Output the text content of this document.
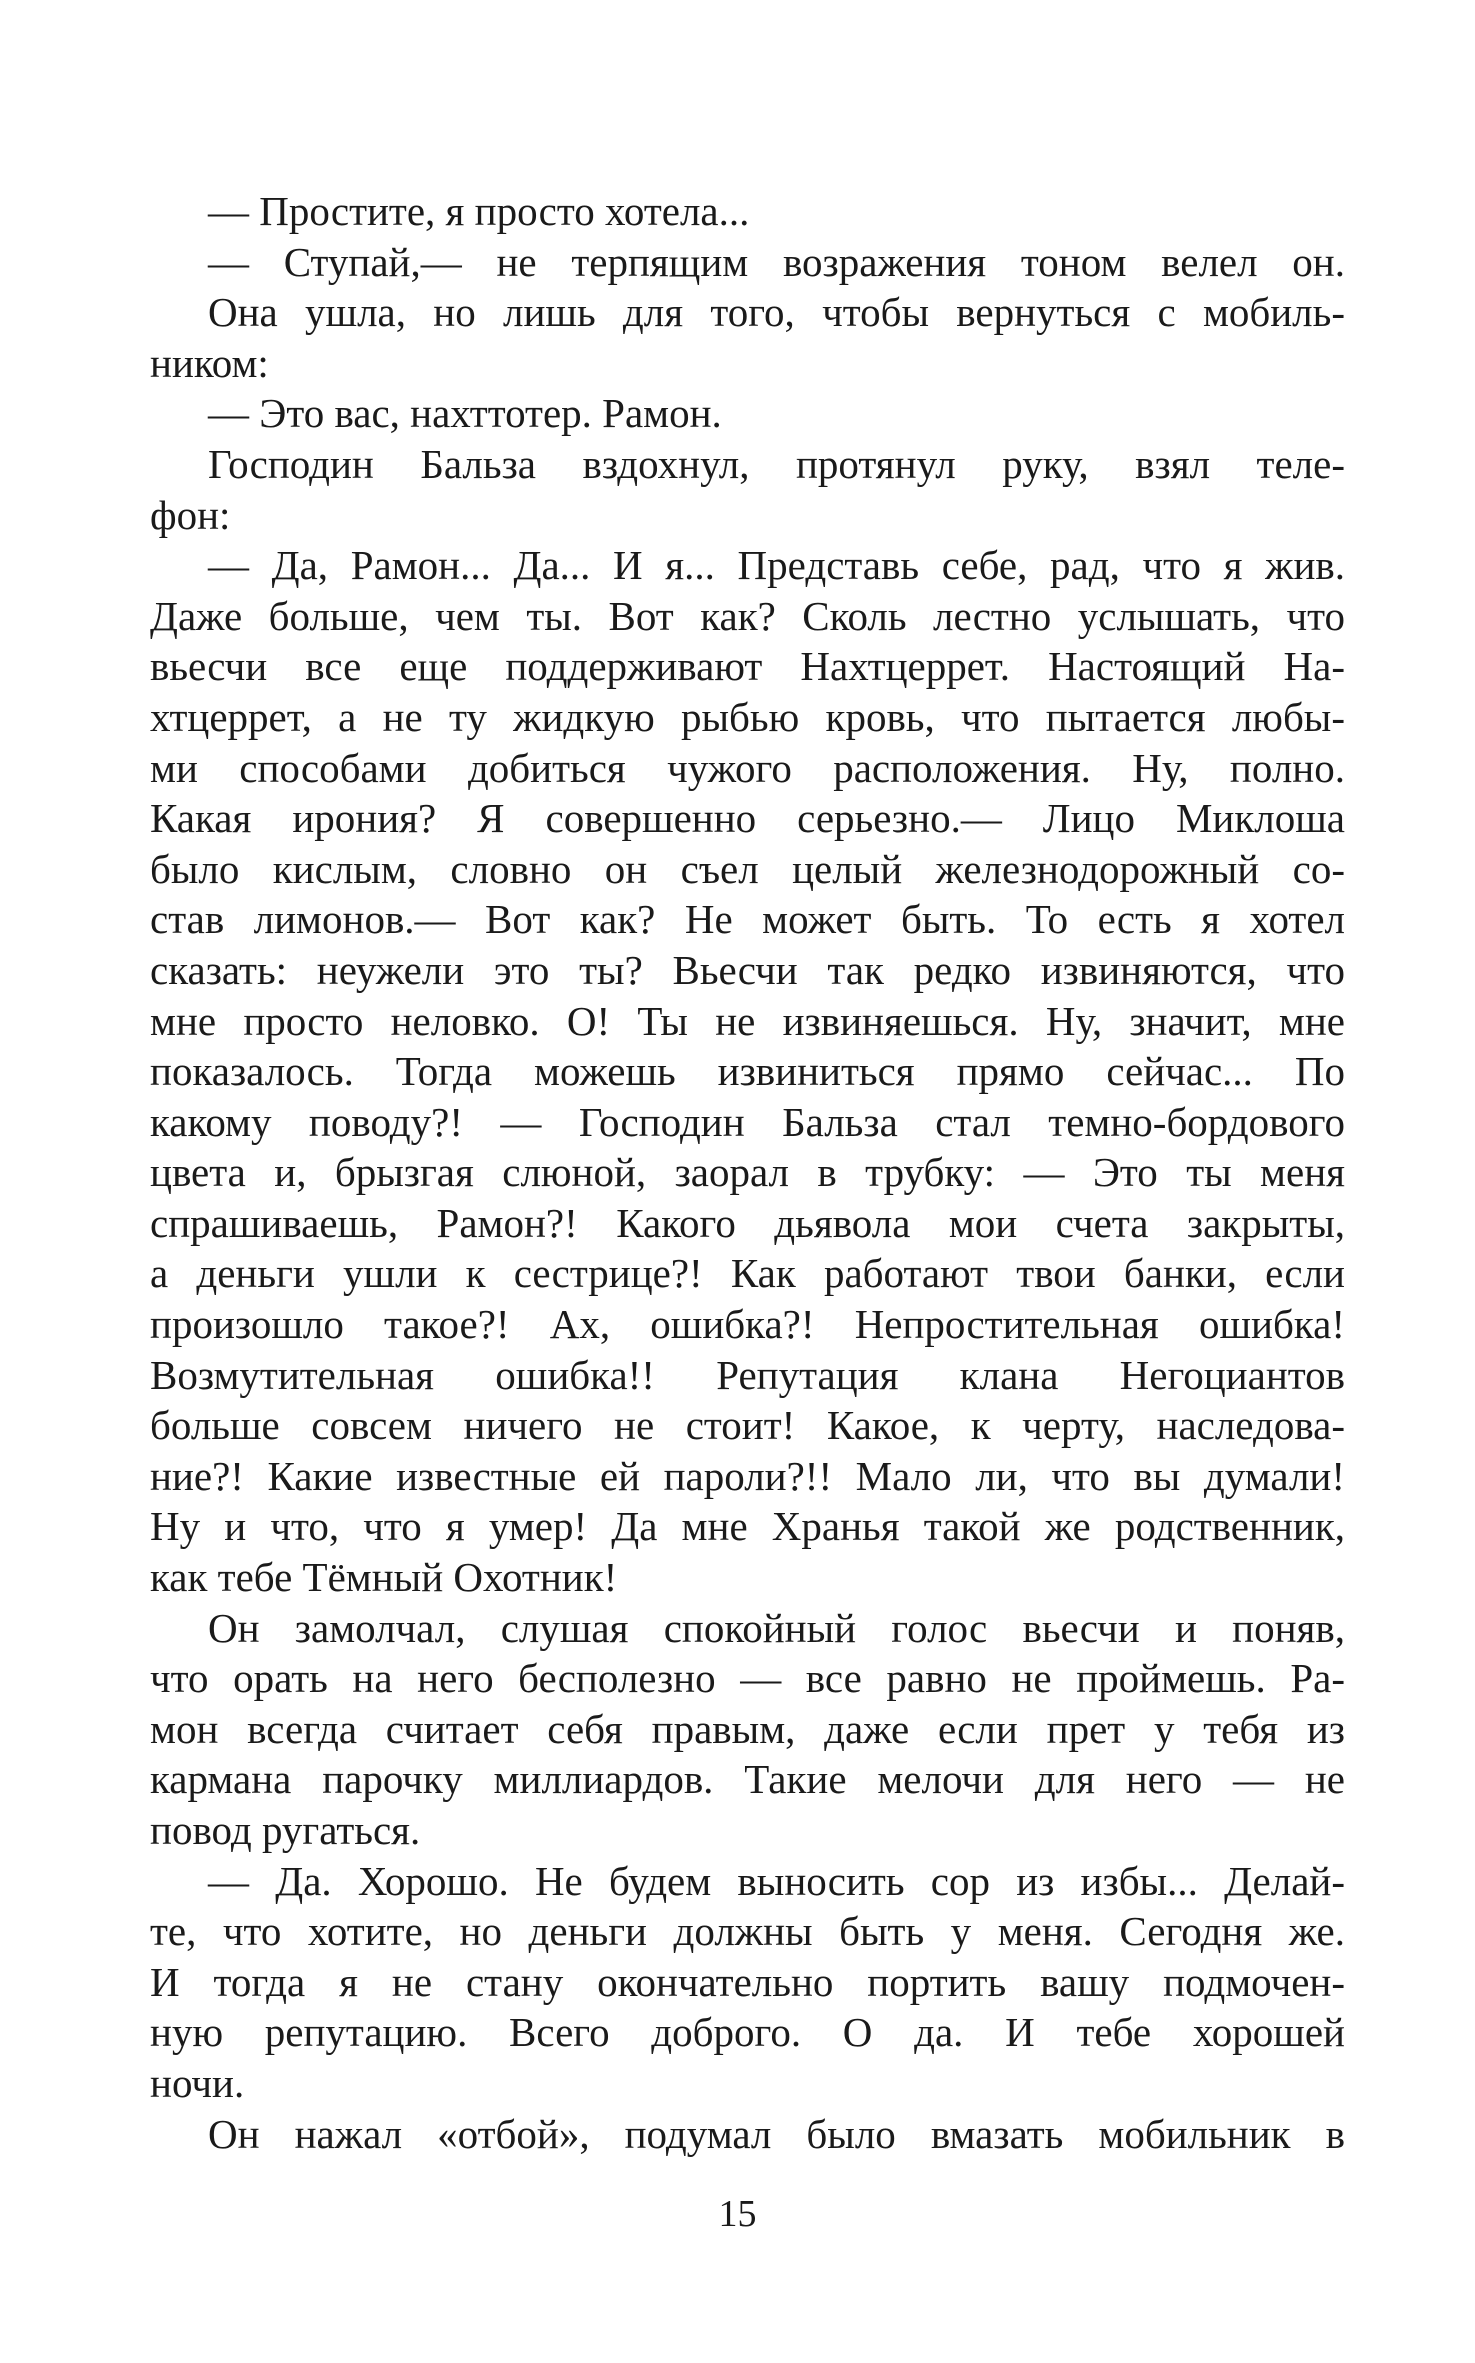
— Простите, я просто хотела...
— Ступай,— не терпящим возражения тоном велел он.
Она ушла, но лишь для того, чтобы вернуться с мобиль-
ником:
— Это вас, нахттотер. Рамон.
Господин Бальза вздохнул, протянул руку, взял теле-
фон:
— Да, Рамон... Да... И я... Представь себе, рад, что я жив.
Даже больше, чем ты. Вот как? Сколь лестно услышать, что
вьесчи все еще поддерживают Нахтцеррет. Настоящий На-
хтцеррет, а не ту жидкую рыбью кровь, что пытается любы-
ми способами добиться чужого расположения. Ну, полно.
Какая ирония? Я совершенно серьезно.— Лицо Миклоша
было кислым, словно он съел целый железнодорожный со-
став лимонов.— Вот как? Не может быть. То есть я хотел
сказать: неужели это ты? Вьесчи так редко извиняются, что
мне просто неловко. О! Ты не извиняешься. Ну, значит, мне
показалось. Тогда можешь извиниться прямо сейчас... По
какому поводу?! — Господин Бальза стал темно-бордового
цвета и, брызгая слюной, заорал в трубку: — Это ты меня
спрашиваешь, Рамон?! Какого дьявола мои счета закрыты,
а деньги ушли к сестрице?! Как работают твои банки, если
произошло такое?! Ах, ошибка?! Непростительная ошибка!
Возмутительная ошибка!! Репутация клана Негоциантов
больше совсем ничего не стоит! Какое, к черту, наследова-
ние?! Какие известные ей пароли?!! Мало ли, что вы думали!
Ну и что, что я умер! Да мне Хранья такой же родственник,
как тебе Тёмный Охотник!
Он замолчал, слушая спокойный голос вьесчи и поняв,
что орать на него бесполезно — все равно не проймешь. Ра-
мон всегда считает себя правым, даже если прет у тебя из
кармана парочку миллиардов. Такие мелочи для него — не
повод ругаться.
— Да. Хорошо. Не будем выносить сор из избы... Делай-
те, что хотите, но деньги должны быть у меня. Сегодня же.
И тогда я не стану окончательно портить вашу подмочен-
ную репутацию. Всего доброго. О да. И тебе хорошей
ночи.
Он нажал «отбой», подумал было вмазать мобильник в
15
